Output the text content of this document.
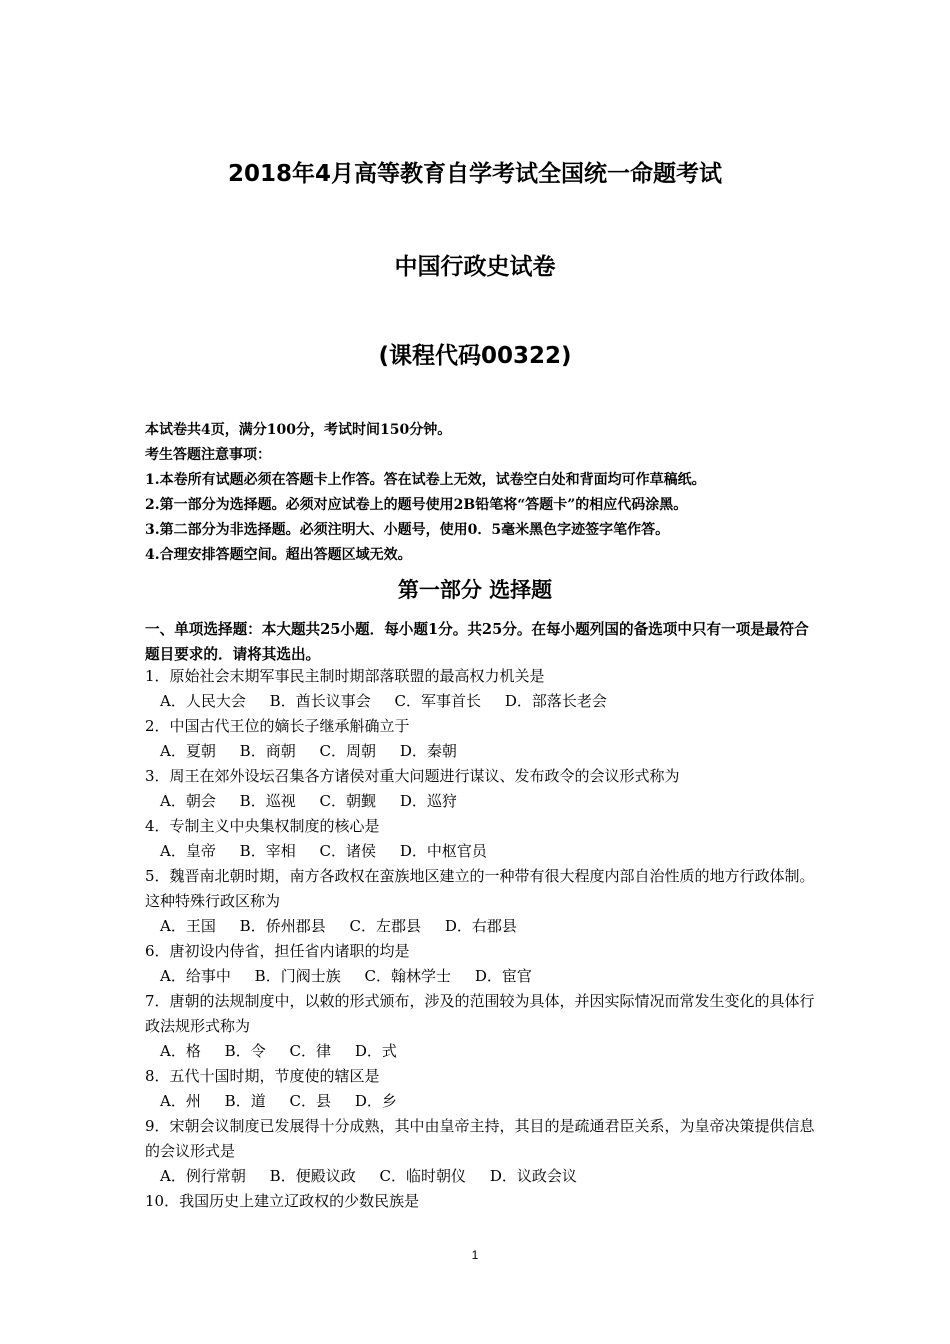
2018年4月高等教育自学考试全国统一命题考试
中国行政史试卷
(课程代码00322)
本试卷共4页，满分100分，考试时间150分钟。
考生答题注意事项：
1.本卷所有试题必须在答题卡上作答。答在试卷上无效，试卷空白处和背面均可作草稿纸。
2.第一部分为选择题。必须对应试卷上的题号使用2B铅笔将“答题卡”的相应代码涂黑。
3.第二部分为非选择题。必须注明大、小题号，使用0．5毫米黑色字迹签字笔作答。
4.合理安排答题空间。超出答题区域无效。
第一部分 选择题
一、单项选择题：本大题共25小题．每小题1分。共25分。在每小题列国的备选项中只有一项是最符合题目要求的．请将其选出。
1．原始社会末期军事民主制时期部落联盟的最高权力机关是
A．人民大会     B．酋长议事会     C．军事首长     D．部落长老会
2．中国古代王位的嫡长子继承斛确立于
A．夏朝     B．商朝     C．周朝     D．秦朝
3．周王在郊外设坛召集各方诸侯对重大问题进行谋议、发布政令的会议形式称为
A．朝会     B．巡视     C．朝觐     D．巡狩
4．专制主义中央集权制度的核心是
A．皇帝     B．宰相     C．诸侯     D．中枢官员
5．魏晋南北朝时期，南方各政权在蛮族地区建立的一种带有很大程度内部自治性质的地方行政体制。这种特殊行政区称为
A．王国     B．侨州郡县     C．左郡县     D．右郡县
6．唐初设内侍省，担任省内诸职的均是
A．给事中     B．门阀士族     C．翰林学士     D．宦官
7．唐朝的法规制度中，以敕的形式颁布，涉及的范围较为具体，并因实际情况而常发生变化的具体行政法规形式称为
A．格     B．令     C．律     D．式
8．五代十国时期，节度使的辖区是
A．州     B．道     C．县     D．乡
9．宋朝会议制度已发展得十分成熟，其中由皇帝主持，其目的是疏通君臣关系，为皇帝决策提供信息的会议形式是
A．例行常朝     B．便殿议政     C．临时朝仪     D．议政会议
10．我国历史上建立辽政权的少数民族是
1
